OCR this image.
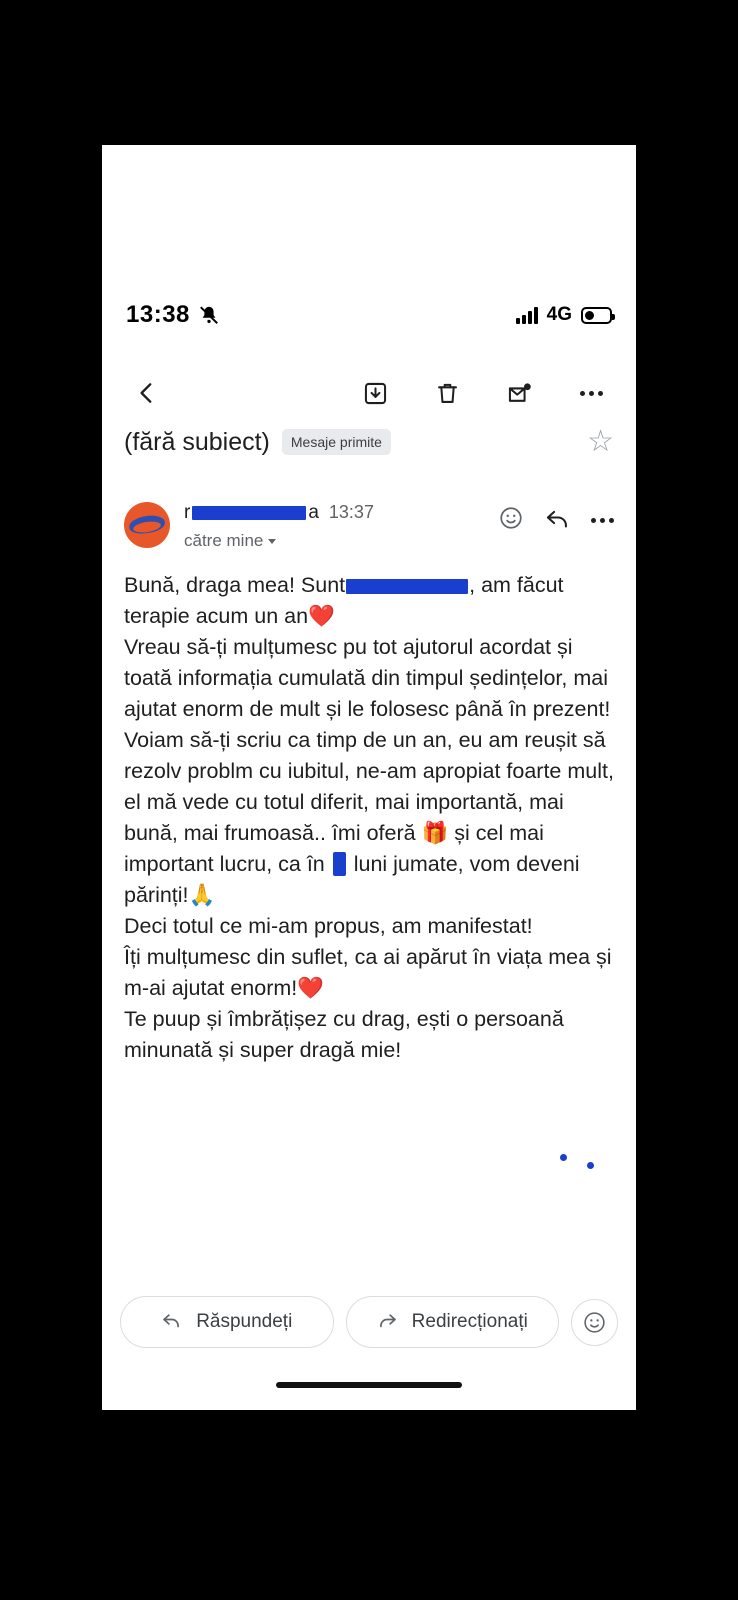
13:38	4G
(fără subiect)	Mesaje primite	☆
r	a 13:37
către mine
Bună, draga mea! Sunt	, am făcut
terapie acum un an❤️
Vreau să-ți mulțumesc pu tot ajutorul acordat și toată informația cumulată din timpul ședințelor, mai ajutat enorm de mult și le folosesc până în prezent!
Voiam să-ți scriu ca timp de un an, eu am reușit să rezolv problm cu iubitul, ne-am apropiat foarte mult, el mă vede cu totul diferit, mai importantă, mai bună, mai frumoasă.. îmi oferă 🎁 și cel mai important lucru, ca în  luni jumate, vom deveni părinți!🙏
Deci totul ce mi-am propus, am manifestat!
Îți mulțumesc din suflet, ca ai apărut în viața mea și m-ai ajutat enorm!❤️
Te puup și îmbrățișez cu drag, ești o persoană minunată și super dragă mie!
Răspundeți	Redirecționați
